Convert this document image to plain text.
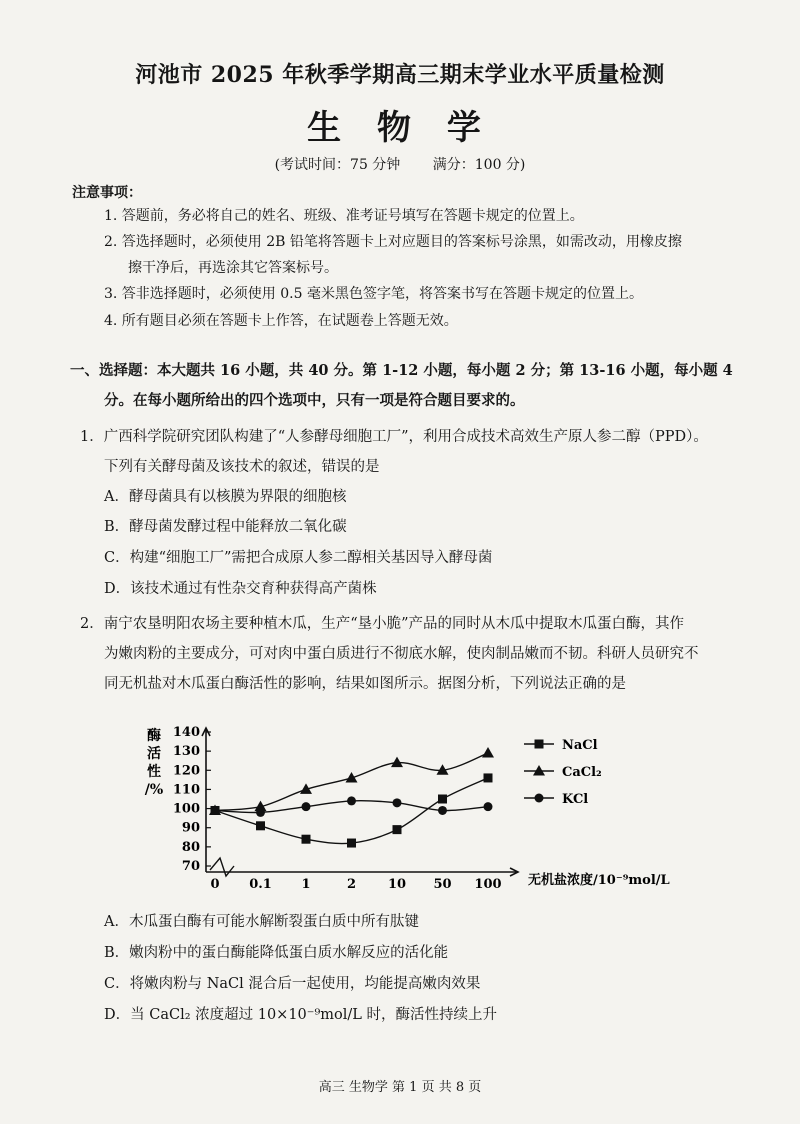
河池市 2025 年秋季学期高三期末学业水平质量检测
生 物 学
(考试时间：75 分钟 满分：100 分)
注意事项：
1. 答题前，务必将自己的姓名、班级、准考证号填写在答题卡规定的位置上。
2. 答选择题时，必须使用 2B 铅笔将答题卡上对应题目的答案标号涂黑，如需改动，用橡皮擦
擦干净后，再选涂其它答案标号。
3. 答非选择题时，必须使用 0.5 毫米黑色签字笔，将答案书写在答题卡规定的位置上。
4. 所有题目必须在答题卡上作答，在试题卷上答题无效。
一、选择题：本大题共 16 小题，共 40 分。第 1-12 小题，每小题 2 分；第 13-16 小题，每小题 4
分。在每小题所给出的四个选项中，只有一项是符合题目要求的。
1．广西科学院研究团队构建了“人参酵母细胞工厂”，利用合成技术高效生产原人参二醇（PPD）。
下列有关酵母菌及该技术的叙述，错误的是
A．酵母菌具有以核膜为界限的细胞核
B．酵母菌发酵过程中能释放二氧化碳
C．构建“细胞工厂”需把合成原人参二醇相关基因导入酵母菌
D．该技术通过有性杂交育种获得高产菌株
2．南宁农垦明阳农场主要种植木瓜，生产“垦小脆”产品的同时从木瓜中提取木瓜蛋白酶，其作
为嫩肉粉的主要成分，可对肉中蛋白质进行不彻底水解，使肉制品嫩而不韧。科研人员研究不
同无机盐对木瓜蛋白酶活性的影响，结果如图所示。据图分析，下列说法正确的是
70
80
90
100
110
120
130
140
0 0.1 1	2 10 50 100
NaCl
CaCl₂
KCl
酶
活
性
/%
无机盐浓度/10⁻⁹mol/L
A．木瓜蛋白酶有可能水解断裂蛋白质中所有肽键
B．嫩肉粉中的蛋白酶能降低蛋白质水解反应的活化能
C．将嫩肉粉与 NaCl 混合后一起使用，均能提高嫩肉效果
D．当 CaCl₂ 浓度超过 10×10⁻⁹mol/L 时，酶活性持续上升
高三 生物学 第 1 页 共 8 页
